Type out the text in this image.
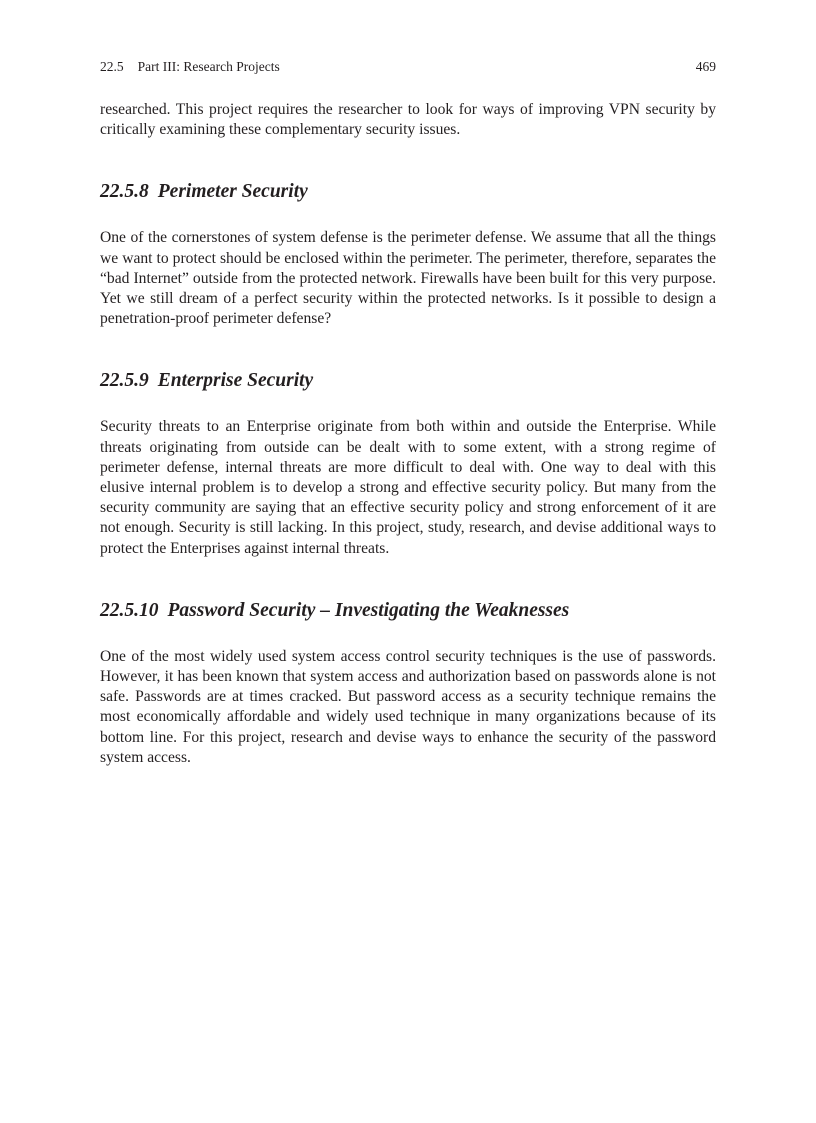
22.5 Part III: Research Projects	469

researched. This project requires the researcher to look for ways of improving VPN security by critically examining these complementary security issues.

22.5.8 Perimeter Security

One of the cornerstones of system defense is the perimeter defense. We assume that all the things we want to protect should be enclosed within the perimeter. The perimeter, therefore, separates the “bad Internet” outside from the protected network. Firewalls have been built for this very purpose. Yet we still dream of a perfect security within the protected networks. Is it possible to design a penetration-proof perimeter defense?

22.5.9 Enterprise Security

Security threats to an Enterprise originate from both within and outside the Enterprise. While threats originating from outside can be dealt with to some extent, with a strong regime of perimeter defense, internal threats are more difficult to deal with. One way to deal with this elusive internal problem is to develop a strong and effective security policy. But many from the security community are saying that an effective security policy and strong enforcement of it are not enough. Security is still lacking. In this project, study, research, and devise additional ways to protect the Enterprises against internal threats.

22.5.10 Password Security – Investigating the Weaknesses

One of the most widely used system access control security techniques is the use of passwords. However, it has been known that system access and authorization based on passwords alone is not safe. Passwords are at times cracked. But password access as a security technique remains the most economically affordable and widely used technique in many organizations because of its bottom line. For this project, research and devise ways to enhance the security of the password system access.
